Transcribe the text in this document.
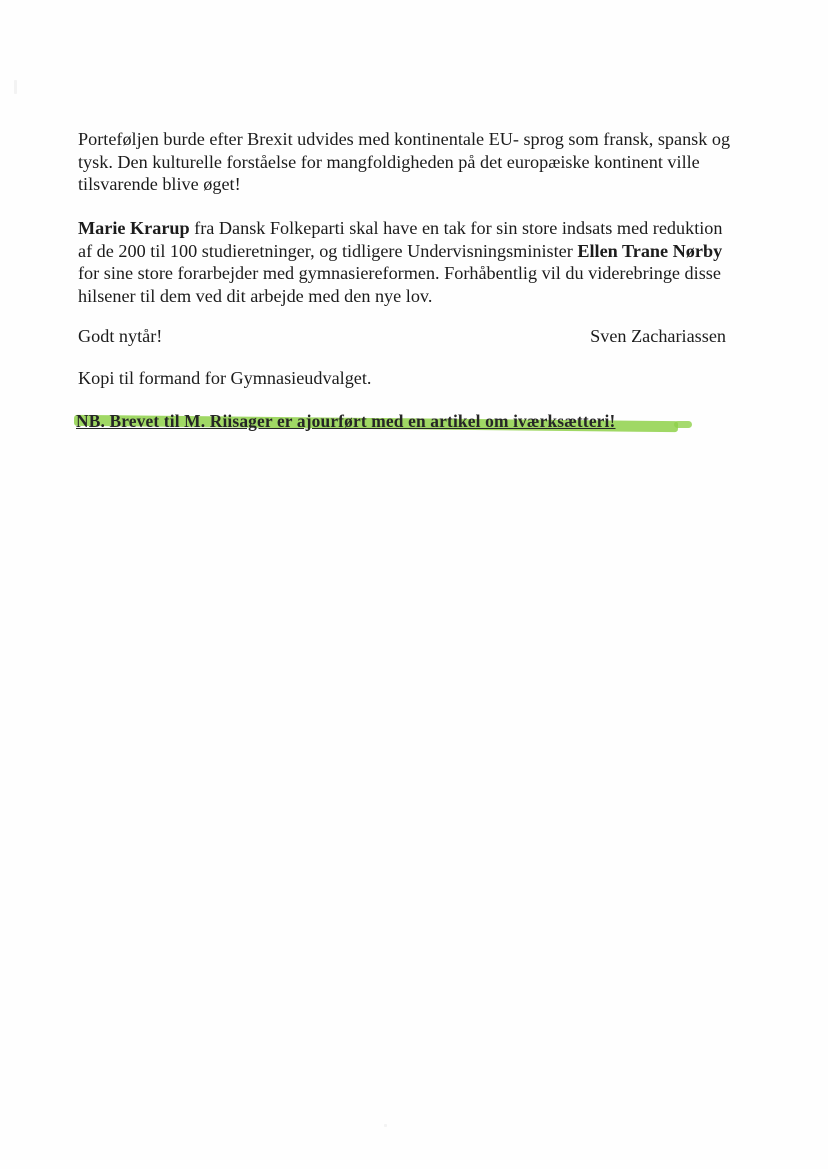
Porteføljen burde efter Brexit udvides med kontinentale EU- sprog som fransk, spansk og tysk. Den kulturelle forståelse for mangfoldigheden på det europæiske kontinent ville tilsvarende blive øget!

Marie Krarup fra Dansk Folkeparti skal have en tak for sin store indsats med reduktion af de 200 til 100 studieretninger, og tidligere Undervisningsminister Ellen Trane Nørby for sine store forarbejder med gymnasiereformen. Forhåbentlig vil du viderebringe disse hilsener til dem ved dit arbejde med den nye lov.

Godt nytår!	Sven Zachariassen
Kopi til formand for Gymnasieudvalget.
NB. Brevet til M. Riisager er ajourført med en artikel om iværksætteri!
